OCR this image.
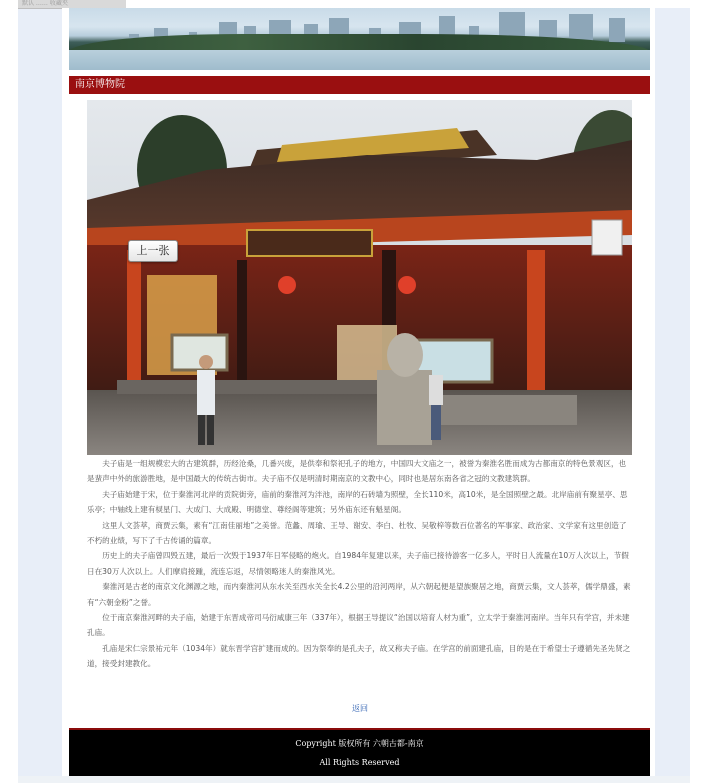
默认 …… 收藏夹
南京博物院
上一张

夫子庙是一组规模宏大的古建筑群，历经沧桑，几番兴废，是供奉和祭祀孔子的地方，中国四大文庙之一，被誉为秦淮名胜而成为古都南京的特色景观区，也是蜚声中外的旅游胜地，是中国最大的传统古街市。夫子庙不仅是明清时期南京的文教中心，同时也是居东南各省之冠的文教建筑群。

夫子庙始建于宋，位于秦淮河北岸的贡院街旁，庙前的秦淮河为泮池，南岸的石砖墙为照壁，全长110米，高10米，是全国照壁之最。北岸庙前有聚星亭、思乐亭；中轴线上建有棂星门、大成门、大成殿、明德堂、尊经阁等建筑；另外庙东还有魁星阁。

这里人文荟萃，商贾云集，素有“江南佳丽地”之美誉。范蠡、周瑜、王导、谢安、李白、杜牧、吴敬梓等数百位著名的军事家、政治家、文学家有这里创造了不朽的业绩，写下了千古传诵的篇章。

历史上的夫子庙曾四毁五建，最后一次毁于1937年日军侵略的炮火。自1984年复建以来，夫子庙已接待游客一亿多人，平时日人流量在10万人次以上，节假日在30万人次以上。人们摩肩接踵，流连忘返，尽情领略迷人的秦淮风光。

秦淮河是古老的南京文化渊源之地，而内秦淮河从东水关至西水关全长4.2公里的沿河两岸，从六朝起便是望族聚居之地，商贾云集，文人荟萃，儒学鼎盛，素有“六朝金粉”之誉。

位于南京秦淮河畔的夫子庙，始建于东晋成帝司马衍咸康三年（337年），根据王导提议“治国以培育人材为重”，立太学于秦淮河南岸。当年只有学宫，并未建孔庙。

孔庙是宋仁宗景祐元年（1034年）就东晋学宫扩建而成的。因为祭奉的是孔夫子，故又称夫子庙。在学宫的前面建孔庙，目的是在于希望士子遵循先圣先贤之道，接受封建教化。

返回
Copyright 版权所有 六朝古都-南京
All Rights Reserved
